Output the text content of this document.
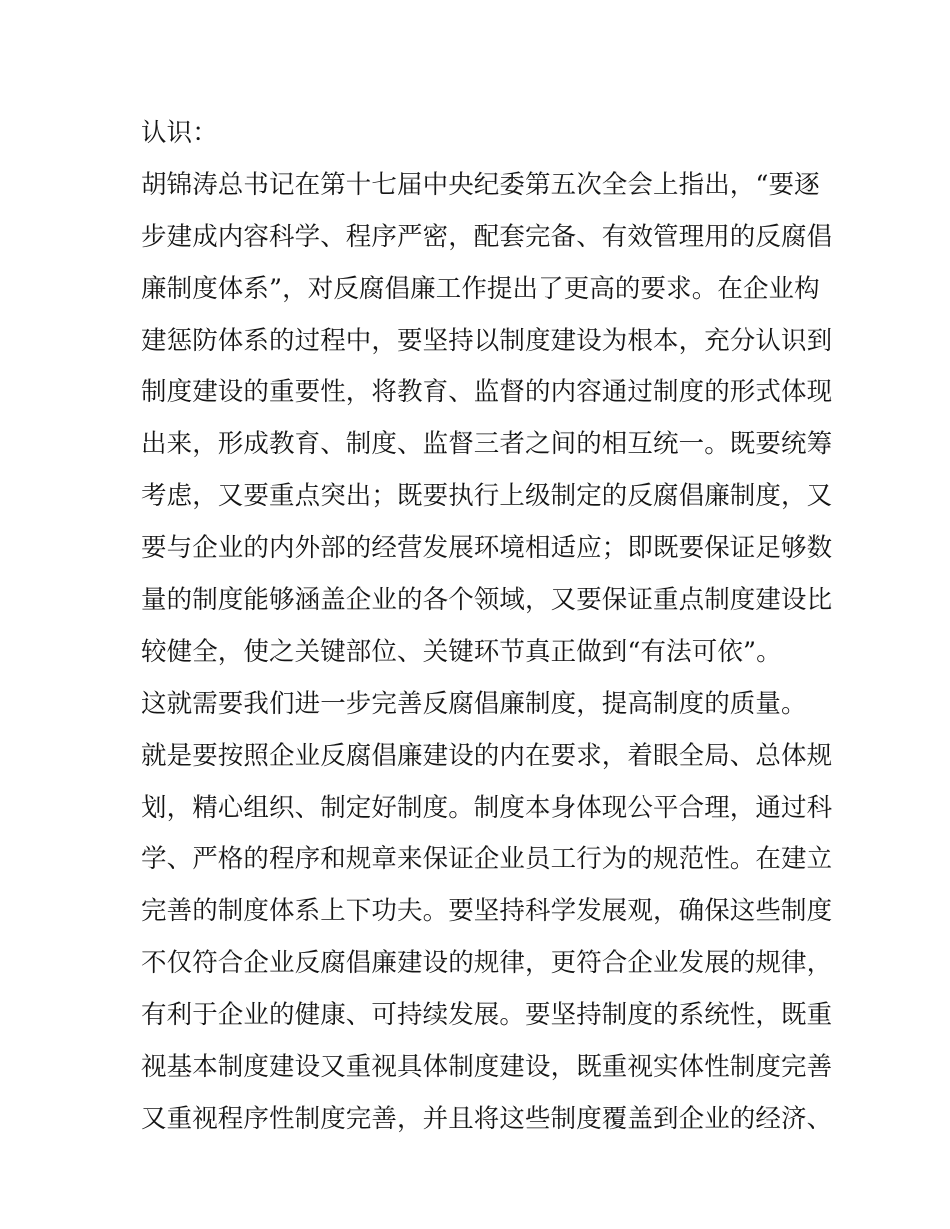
认识：
胡锦涛总书记在第十七届中央纪委第五次全会上指出，“要逐
步建成内容科学、程序严密，配套完备、有效管理用的反腐倡
廉制度体系”，对反腐倡廉工作提出了更高的要求。在企业构
建惩防体系的过程中，要坚持以制度建设为根本，充分认识到
制度建设的重要性，将教育、监督的内容通过制度的形式体现
出来，形成教育、制度、监督三者之间的相互统一。既要统筹
考虑，又要重点突出；既要执行上级制定的反腐倡廉制度，又
要与企业的内外部的经营发展环境相适应；即既要保证足够数
量的制度能够涵盖企业的各个领域，又要保证重点制度建设比
较健全，使之关键部位、关键环节真正做到“有法可依”。
这就需要我们进一步完善反腐倡廉制度，提高制度的质量。
就是要按照企业反腐倡廉建设的内在要求，着眼全局、总体规
划，精心组织、制定好制度。制度本身体现公平合理，通过科
学、严格的程序和规章来保证企业员工行为的规范性。在建立
完善的制度体系上下功夫。要坚持科学发展观，确保这些制度
不仅符合企业反腐倡廉建设的规律，更符合企业发展的规律，
有利于企业的健康、可持续发展。要坚持制度的系统性，既重
视基本制度建设又重视具体制度建设，既重视实体性制度完善
又重视程序性制度完善，并且将这些制度覆盖到企业的经济、
